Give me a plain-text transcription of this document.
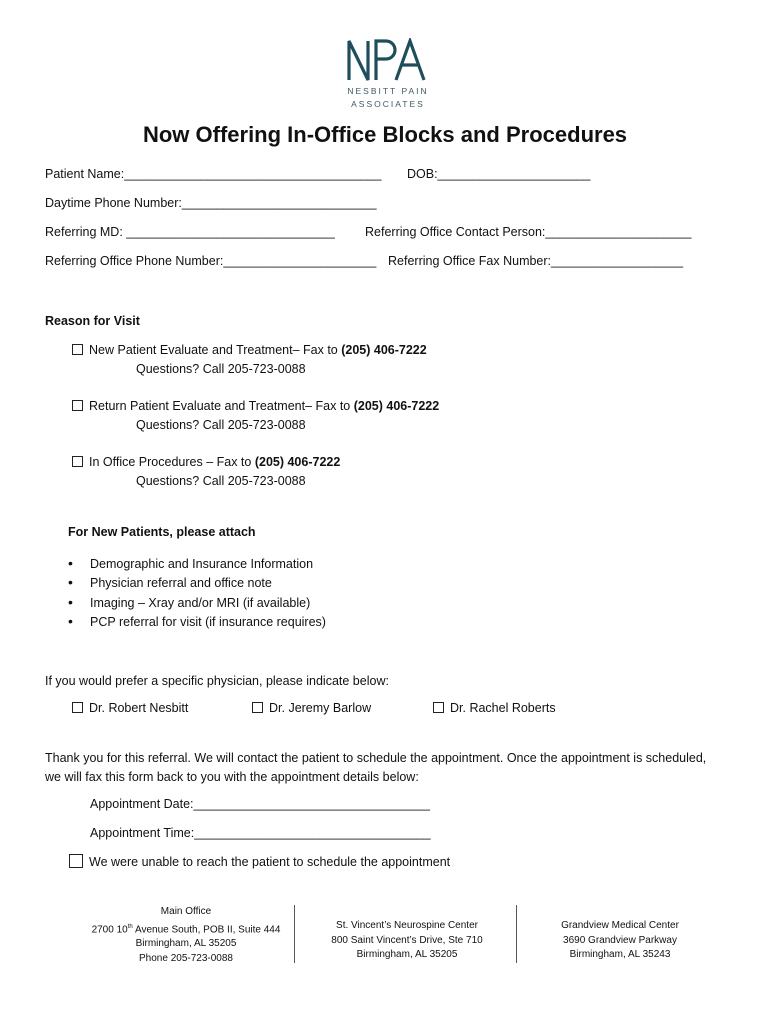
NESBITT PAIN
ASSOCIATES
Now Offering In-Office Blocks and Procedures
Patient Name:_____________________________________ DOB:______________________
Daytime Phone Number:____________________________
Referring MD: ______________________________ Referring Office Contact Person:_____________________
Referring Office Phone Number:______________________ Referring Office Fax Number:___________________
Reason for Visit
New Patient Evaluate and Treatment– Fax to (205) 406-7222
Questions? Call 205-723-0088
Return Patient Evaluate and Treatment– Fax to (205) 406-7222
Questions? Call 205-723-0088
In Office Procedures – Fax to (205) 406-7222
Questions? Call 205-723-0088
For New Patients, please attach
• Demographic and Insurance Information
• Physician referral and office note
• Imaging – Xray and/or MRI (if available)
• PCP referral for visit (if insurance requires)
If you would prefer a specific physician, please indicate below:
Dr. Robert Nesbitt	Dr. Jeremy Barlow	Dr. Rachel Roberts

Thank you for this referral. We will contact the patient to schedule the appointment. Once the appointment is scheduled, we will fax this form back to you with the appointment details below:

Appointment Date:__________________________________
Appointment Time:__________________________________
We were unable to reach the patient to schedule the appointment
Main Office
2700 10th Avenue South, POB II, Suite 444
Birmingham, AL 35205
Phone 205-723-0088
St. Vincent’s Neurospine Center
800 Saint Vincent’s Drive, Ste 710
Birmingham, AL 35205
Grandview Medical Center
3690 Grandview Parkway
Birmingham, AL 35243
